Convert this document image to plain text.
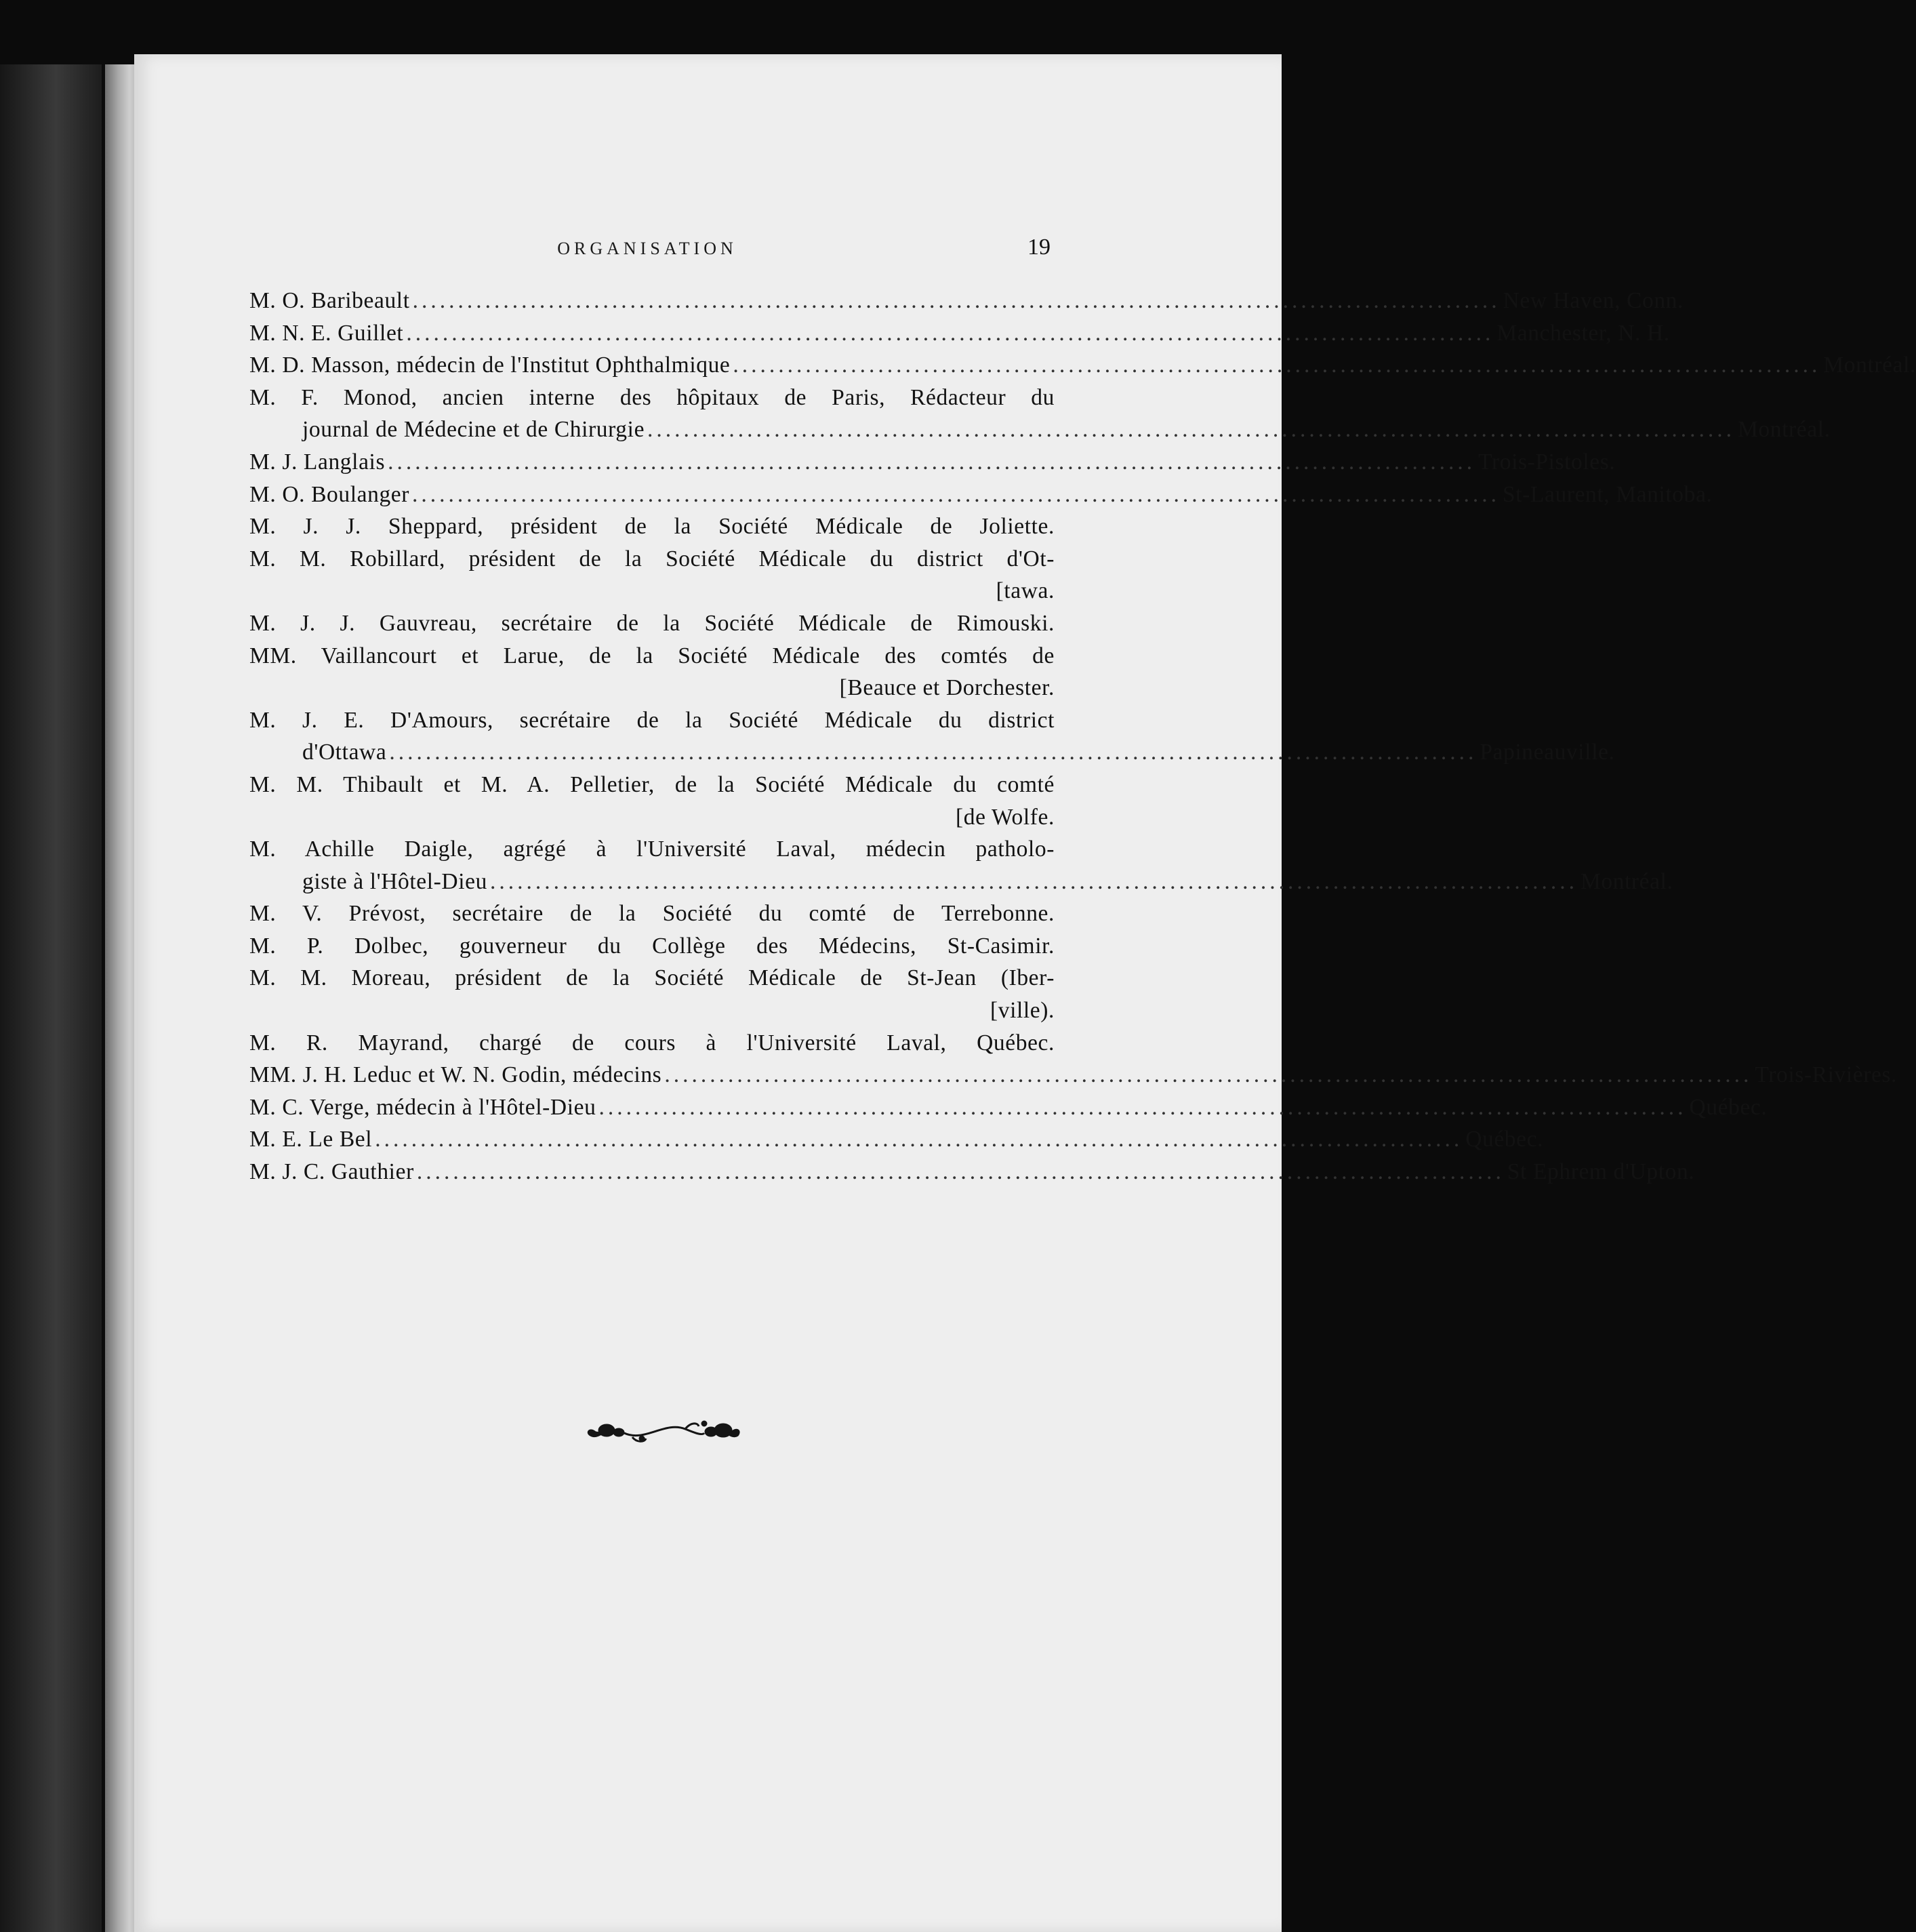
ORGANISATION	19
M. O. Baribeault ........................................................................................................................ New Haven, Conn.
M. N. E. Guillet ........................................................................................................................ Manchester, N. H.
M. D. Masson, médecin de l'Institut Ophthalmique ........................................................................................................................ Montréal.
M. F. Monod, ancien interne des hôpitaux de Paris, Rédacteur du
journal de Médecine et de Chirurgie ........................................................................................................................ Montréal.
M. J. Langlais ........................................................................................................................ Trois-Pistoles.
M. O. Boulanger ........................................................................................................................ St-Laurent, Manitoba.
M. J. J. Sheppard, président de la Société Médicale de Joliette.
M. M. Robillard, président de la Société Médicale du district d'Ot-
[tawa.
M. J. J. Gauvreau, secrétaire de la Société Médicale de Rimouski.
MM. Vaillancourt et Larue, de la Société Médicale des comtés de
[Beauce et Dorchester.
M. J. E. D'Amours, secrétaire de la Société Médicale du district
d'Ottawa ........................................................................................................................ Papineauville.
M. M. Thibault et M. A. Pelletier, de la Société Médicale du comté
[de Wolfe.
M. Achille Daigle, agrégé à l'Université Laval, médecin patholo-
giste à l'Hôtel-Dieu ........................................................................................................................ Montréal.
M. V. Prévost, secrétaire de la Société du comté de Terrebonne.
M. P. Dolbec, gouverneur du Collège des Médecins, St-Casimir.
M. M. Moreau, président de la Société Médicale de St-Jean (Iber-
[ville).
M. R. Mayrand, chargé de cours à l'Université Laval, Québec.
MM. J. H. Leduc et W. N. Godin, médecins ........................................................................................................................ Trois-Rivières.
M. C. Verge, médecin à l'Hôtel-Dieu ........................................................................................................................ Québec.
M. E. Le Bel ........................................................................................................................ Québec.
M. J. C. Gauthier ........................................................................................................................ St Ephrem d'Upton.
